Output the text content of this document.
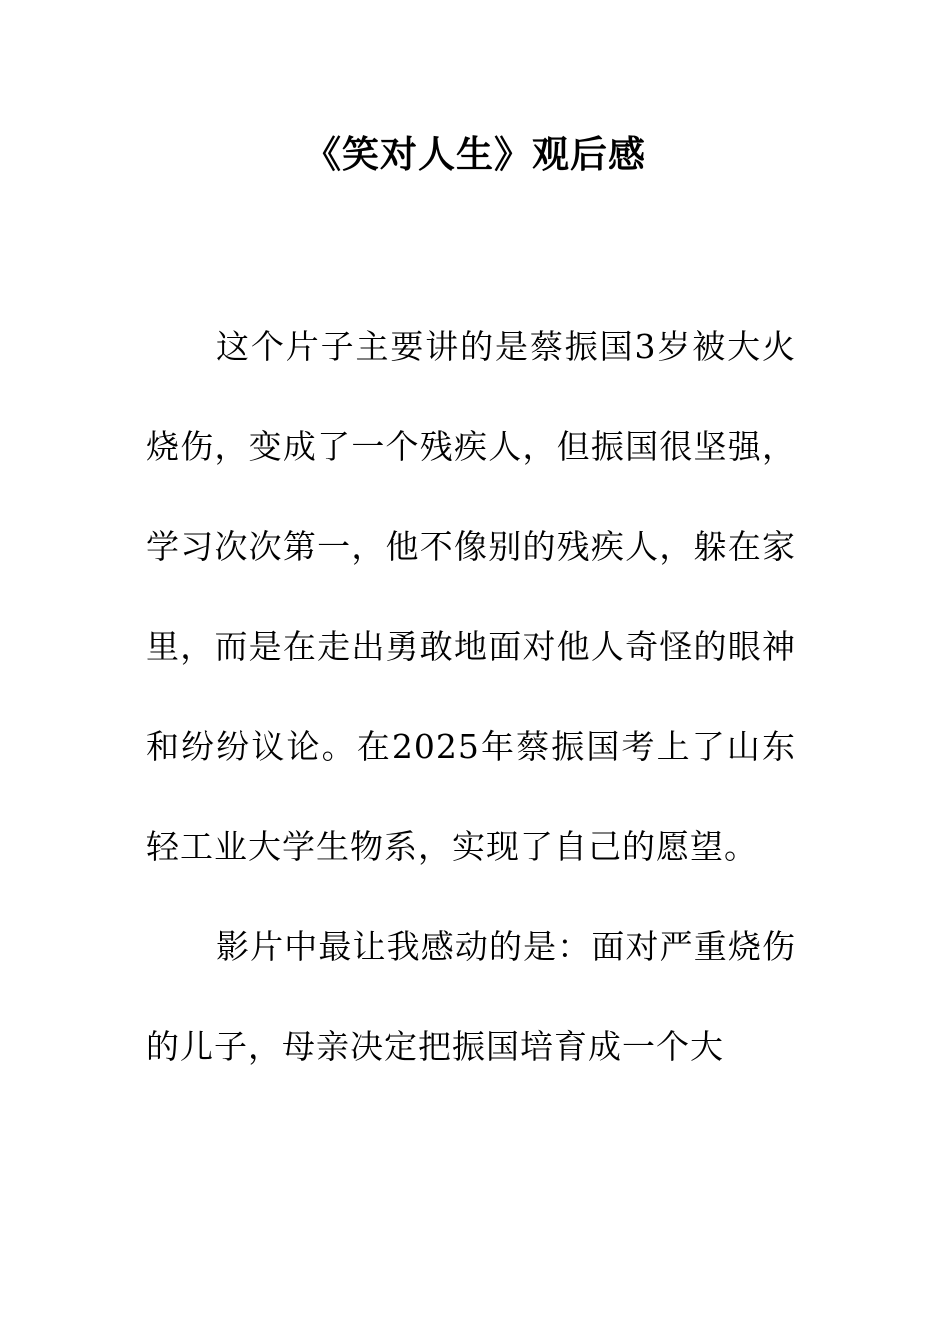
《笑对人生》观后感

这个片子主要讲的是蔡振国3岁被大火烧伤，变成了一个残疾人，但振国很坚强，学习次次第一，他不像别的残疾人，躲在家里，而是在走出勇敢地面对他人奇怪的眼神和纷纷议论。在2025年蔡振国考上了山东轻工业大学生物系，实现了自己的愿望。

影片中最让我感动的是：面对严重烧伤的儿子，母亲决定把振国培育成一个大
